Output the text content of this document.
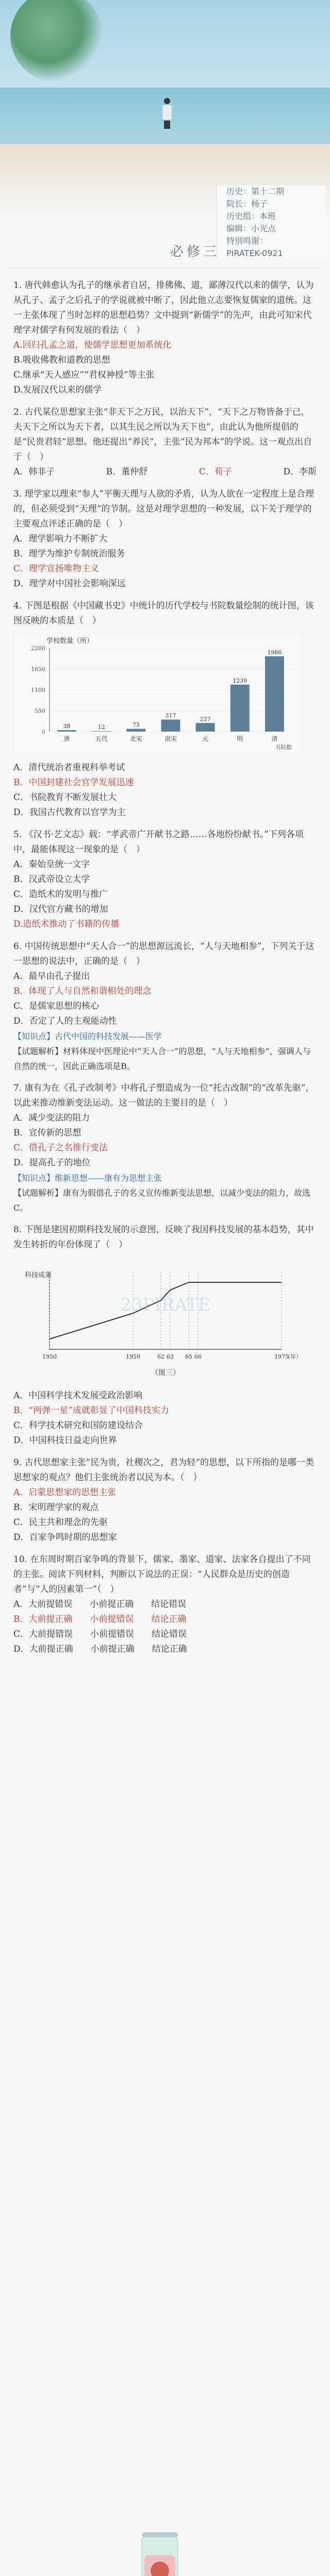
历史：第十二期
院长：杨子
历史组：本班
编辑：小光点
特别鸣谢：
PIRATEK-0921
必修三
1. 唐代韩愈认为孔子的继承者自居，排佛佛、道，鄙薄汉代以来的儒学，认为从孔子、孟子之后孔子的学说就被中断了，因此他立志要恢复儒家的道统。这一主张体现了当时怎样的思想趋势？文中提到“新儒学”的先声，由此可知宋代理学对儒学有何发展的看法（　）
A.回归孔孟之道，使儒学思想更加系统化
B.吸收佛教和道教的思想
C.继承“天人感应”“君权神授”等主张
D.发展汉代以来的儒学
2. 古代某位思想家主张“非天下之万民，以治天下”，“天下之万物皆备于己，夫天下之所以为天下者，以其生民之所以为天下也”，由此认为他所提倡的是“民贵君轻”思想。他还提出“养民”，主张“民为邦本”的学说。这一观点出自于（　）
A．韩非子	B．董仲舒	C．荀子	D．李斯
3. 理学家以理来“参人”平衡天理与人欲的矛盾，认为人欲在一定程度上是合理的，但必须受到“天理”的节制。这是对理学思想的一种发展，以下关于理学的主要观点评述正确的是（　）
A．理学影响力不断扩大
B．理学为维护专制统治服务
C．理学宣扬唯物主义
D．理学对中国社会影响深远
4. 下图是根据《中国藏书史》中统计的历代学校与书院数量绘制的统计图，该图反映的本质是（　）
学校数量（所）
0
550
1100
1650
2200
38
唐
12
五代
73
北宋
317
南宋
227
元
1239
明
1986
清
书院数
A．清代统治者重视科举考试
B．中国封建社会官学发展迅速
C．书院教育不断发展壮大
D．我国古代教育以官学为主
5. 《汉书·艺文志》载：“孝武帝广开献书之路……各地纷纷献书。”下列各项中，最能体现这一现象的是（　）
A．秦始皇统一文字
B．汉武帝设立太学
C．造纸术的发明与推广
D．汉代官方藏书的增加
D.造纸术推动了书籍的传播
6. 中国传统思想中“天人合一”的思想源远流长，“人与天地相参”，下列关于这一思想的说法中，正确的是（　）
A．最早由孔子提出
B．体现了人与自然和谐相处的理念
C．是儒家思想的核心
D．否定了人的主观能动性
【知识点】古代中国的科技发展——医学
【试题解析】材料体现中医理论中“天人合一”的思想，“人与天地相参”，强调人与自然的统一，因此正确选项是B。
7. 康有为在《孔子改制考》中将孔子塑造成为一位“托古改制”的“改革先驱”，以此来推动维新变法运动。这一做法的主要目的是（　）
A．减少变法的阻力
B．宣传新的思想
C．借孔子之名推行变法
D．提高孔子的地位
【知识点】维新思想——康有为思想主张
【试题解析】康有为假借孔子的名义宣传维新变法思想，以减少变法的阻力，故选C。
8. 下图是建国初期科技发展的示意图，反映了我国科技发展的基本趋势，其中发生转折的年份体现了（　）
科技成果
1950	1959	62 63 65 66	1975
（年）
（图三）
23PIRATE
A．中国科学技术发展受政治影响
B．“两弹一星”成就彰显了中国科技实力
C．科学技术研究和国防建设结合
D．中国科技日益走向世界
9. 古代思想家主张“民为贵，社稷次之，君为轻”的思想，以下所指的是哪一类思想家的观点？他们主张统治者以民为本。（　）
A．启蒙思想家的思想主张
B．宋明理学家的观点
C．民主共和理念的先驱
D．百家争鸣时期的思想家
10. 在东周时期百家争鸣的背景下，儒家、墨家、道家、法家各自提出了不同的主张。阅读下列材料，判断以下说法的正误：“人民群众是历史的创造者”与“人的因素第一”（　）
A．大前提错误　　小前提正确　　结论错误
B．大前提正确　　小前提错误　　结论正确
C．大前提错误　　小前提错误　　结论错误
D．大前提正确　　小前提正确　　结论正确
